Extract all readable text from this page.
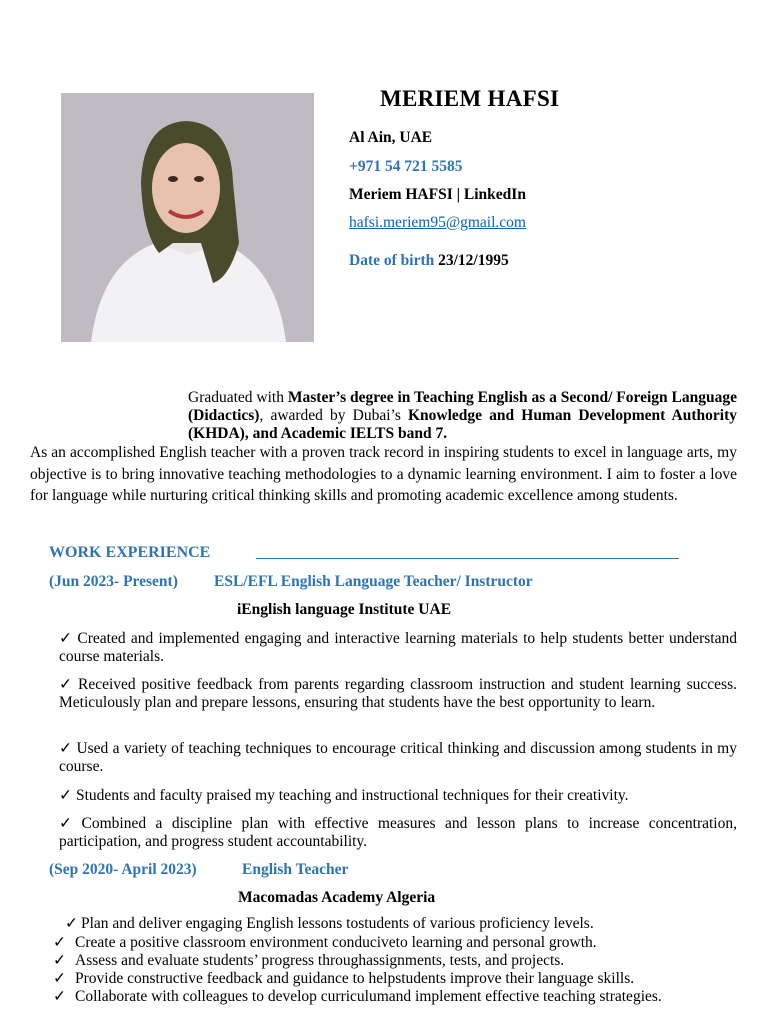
MERIEM HAFSI
Al Ain, UAE
+971 54 721 5585
Meriem HAFSI | LinkedIn
hafsi.meriem95@gmail.com
Date of birth 23/12/1995
Graduated with Master’s degree in Teaching English as a Second/ Foreign Language (Didactics), awarded by Dubai’s Knowledge and Human Development Authority (KHDA), and Academic IELTS band 7.
As an accomplished English teacher with a proven track record in inspiring students to excel in language arts, my objective is to bring innovative teaching methodologies to a dynamic learning environment. I aim to foster a love for language while nurturing critical thinking skills and promoting academic excellence among students.
WORK EXPERIENCE
(Jun 2023- Present) ESL/EFL English Language Teacher/ Instructor
iEnglish language Institute UAE
✓ Created and implemented engaging and interactive learning materials to help students better understand course materials.
✓ Received positive feedback from parents regarding classroom instruction and student learning success. Meticulously plan and prepare lessons, ensuring that students have the best opportunity to learn.
✓ Used a variety of teaching techniques to encourage critical thinking and discussion among students in my course.
✓ Students and faculty praised my teaching and instructional techniques for their creativity.
✓ Combined a discipline plan with effective measures and lesson plans to increase concentration, participation, and progress student accountability.
(Sep 2020- April 2023)	English Teacher
Macomadas Academy Algeria
✓ Plan and deliver engaging English lessons tostudents of various proficiency levels.
✓ Create a positive classroom environment conduciveto learning and personal growth.
✓ Assess and evaluate students’ progress throughassignments, tests, and projects.
✓ Provide constructive feedback and guidance to helpstudents improve their language skills.
✓ Collaborate with colleagues to develop curriculumand implement effective teaching strategies.
